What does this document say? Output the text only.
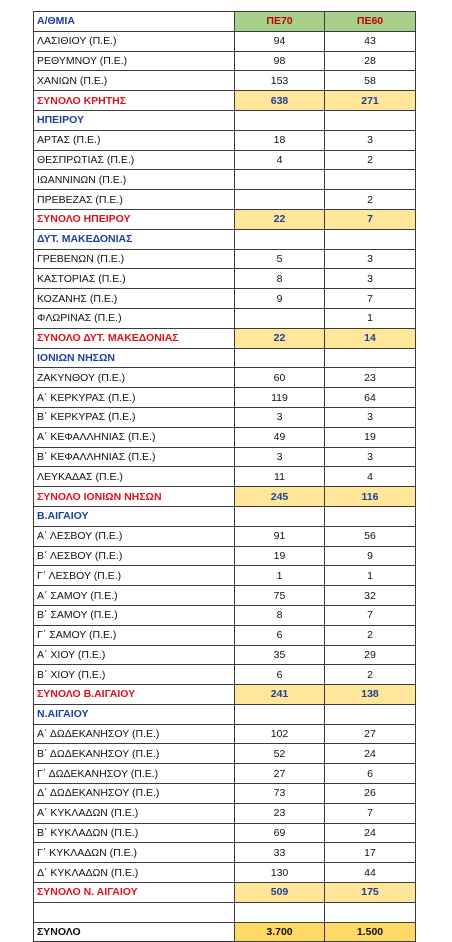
Α/ΘΜΙΑ	ΠΕ70	ΠΕ60
ΛΑΣΙΘΙΟΥ (Π.Ε.)	94	43
ΡΕΘΥΜΝΟΥ (Π.Ε.)	98	28
ΧΑΝΙΩΝ (Π.Ε.)	153	58
ΣΥΝΟΛΟ ΚΡΗΤΗΣ	638	271
ΗΠΕΙΡΟΥ		
ΑΡΤΑΣ (Π.Ε.)	18	3
ΘΕΣΠΡΩΤΙΑΣ (Π.Ε.)	4	2
ΙΩΑΝΝΙΝΩΝ (Π.Ε.)		
ΠΡΕΒΕΖΑΣ (Π.Ε.)		2
ΣΥΝΟΛΟ ΗΠΕΙΡΟΥ	22	7
ΔΥΤ. ΜΑΚΕΔΟΝΙΑΣ		
ΓΡΕΒΕΝΩΝ (Π.Ε.)	5	3
ΚΑΣΤΟΡΙΑΣ (Π.Ε.)	8	3
ΚΟΖΑΝΗΣ (Π.Ε.)	9	7
ΦΛΩΡΙΝΑΣ (Π.Ε.)		1
ΣΥΝΟΛΟ ΔΥΤ. ΜΑΚΕΔΟΝΙΑΣ	22	14
ΙΟΝΙΩΝ ΝΗΣΩΝ		
ΖΑΚΥΝΘΟΥ (Π.Ε.)	60	23
Α΄ ΚΕΡΚΥΡΑΣ (Π.Ε.)	119	64
Β΄ ΚΕΡΚΥΡΑΣ (Π.Ε.)	3	3
Α΄ ΚΕΦΑΛΛΗΝΙΑΣ (Π.Ε.)	49	19
Β΄ ΚΕΦΑΛΛΗΝΙΑΣ (Π.Ε.)	3	3
ΛΕΥΚΑΔΑΣ (Π.Ε.)	11	4
ΣΥΝΟΛΟ ΙΟΝΙΩΝ ΝΗΣΩΝ	245	116
Β.ΑΙΓΑΙΟΥ		
Α΄ ΛΕΣΒΟΥ (Π.Ε.)	91	56
Β΄ ΛΕΣΒΟΥ (Π.Ε.)	19	9
Γ΄ ΛΕΣΒΟΥ (Π.Ε.)	1	1
Α΄ ΣΑΜΟΥ (Π.Ε.)	75	32
Β΄ ΣΑΜΟΥ (Π.Ε.)	8	7
Γ΄ ΣΑΜΟΥ (Π.Ε.)	6	2
Α΄ ΧΙΟΥ (Π.Ε.)	35	29
Β΄ ΧΙΟΥ (Π.Ε.)	6	2
ΣΥΝΟΛΟ Β.ΑΙΓΑΙΟΥ	241	138
Ν.ΑΙΓΑΙΟΥ		
Α΄ ΔΩΔΕΚΑΝΗΣΟΥ (Π.Ε.)	102	27
Β΄ ΔΩΔΕΚΑΝΗΣΟΥ (Π.Ε.)	52	24
Γ΄ ΔΩΔΕΚΑΝΗΣΟΥ (Π.Ε.)	27	6
Δ΄ ΔΩΔΕΚΑΝΗΣΟΥ (Π.Ε.)	73	26
Α΄ ΚΥΚΛΑΔΩΝ (Π.Ε.)	23	7
Β΄ ΚΥΚΛΑΔΩΝ (Π.Ε.)	69	24
Γ΄ ΚΥΚΛΑΔΩΝ (Π.Ε.)	33	17
Δ΄ ΚΥΚΛΑΔΩΝ (Π.Ε.)	130	44
ΣΥΝΟΛΟ Ν. ΑΙΓΑΙΟΥ	509	175

ΣΥΝΟΛΟ	3.700	1.500
